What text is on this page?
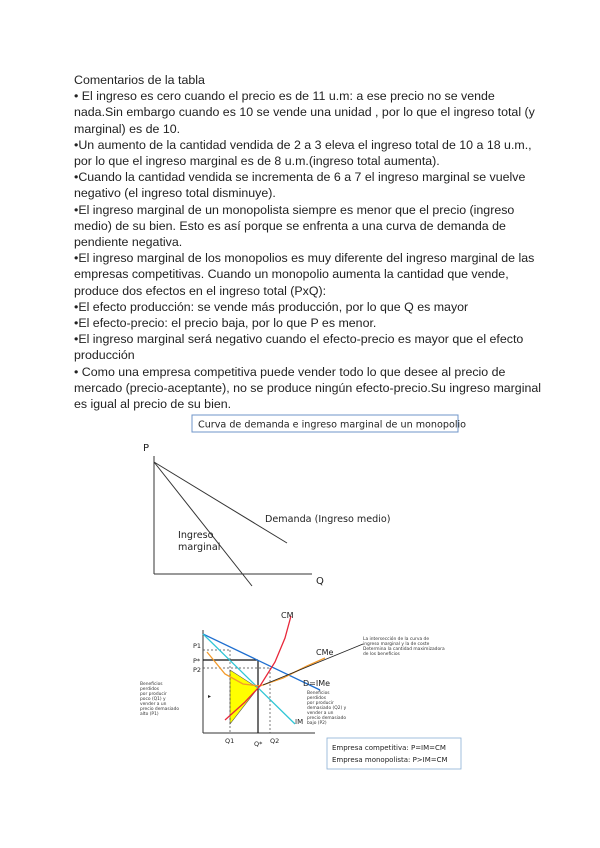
Comentarios de la tabla

• El ingreso es cero cuando el precio es de 11 u.m: a ese precio no se vende nada.Sin embargo cuando es 10 se vende una unidad , por lo que el ingreso total (y marginal) es de 10.

•Un aumento de la cantidad vendida de 2 a 3 eleva el ingreso total de 10 a 18 u.m., por lo que el ingreso marginal es de 8 u.m.(ingreso total aumenta).

•Cuando la cantidad vendida se incrementa de 6 a 7 el ingreso marginal se vuelve negativo (el ingreso total disminuye).

•El ingreso marginal de un monopolista siempre es menor que el precio (ingreso medio) de su bien. Esto es así porque se enfrenta a una curva de demanda de pendiente negativa.

•El ingreso marginal de los monopolios es muy diferente del ingreso marginal de las empresas competitivas. Cuando un monopolio aumenta la cantidad que vende, produce dos efectos en el ingreso total (PxQ):

•El efecto producción: se vende más producción, por lo que Q es mayor

•El efecto-precio: el precio baja, por lo que P es menor.

•El ingreso marginal será negativo cuando el efecto-precio es mayor que el efecto producción

• Como una empresa competitiva puede vender todo lo que desee al precio de mercado (precio-aceptante), no se produce ningún efecto-precio.Su ingreso marginal es igual al precio de su bien.

Curva de demanda e ingreso marginal de un monopolio
P
Q
Demanda (Ingreso medio)
Ingreso
marginal
CM
CMe
D=IMe
IM
P1
P*
P2
Q1	Q* Q2
Beneficios
perdidos
por producir
poco (Q1) y
vender a un
precio demasiado
alto (P1)
▸	Beneficios
perdidos
por producir
demasiado (Q2) y
vender a un
precio demasiado
bajo (P2)
La intersección de la curva de
ingreso marginal y la de coste
Determina la cantidad maximizadora
de los beneficios
Empresa competitiva: P=IM=CM
Empresa monopolista: P>IM=CM
